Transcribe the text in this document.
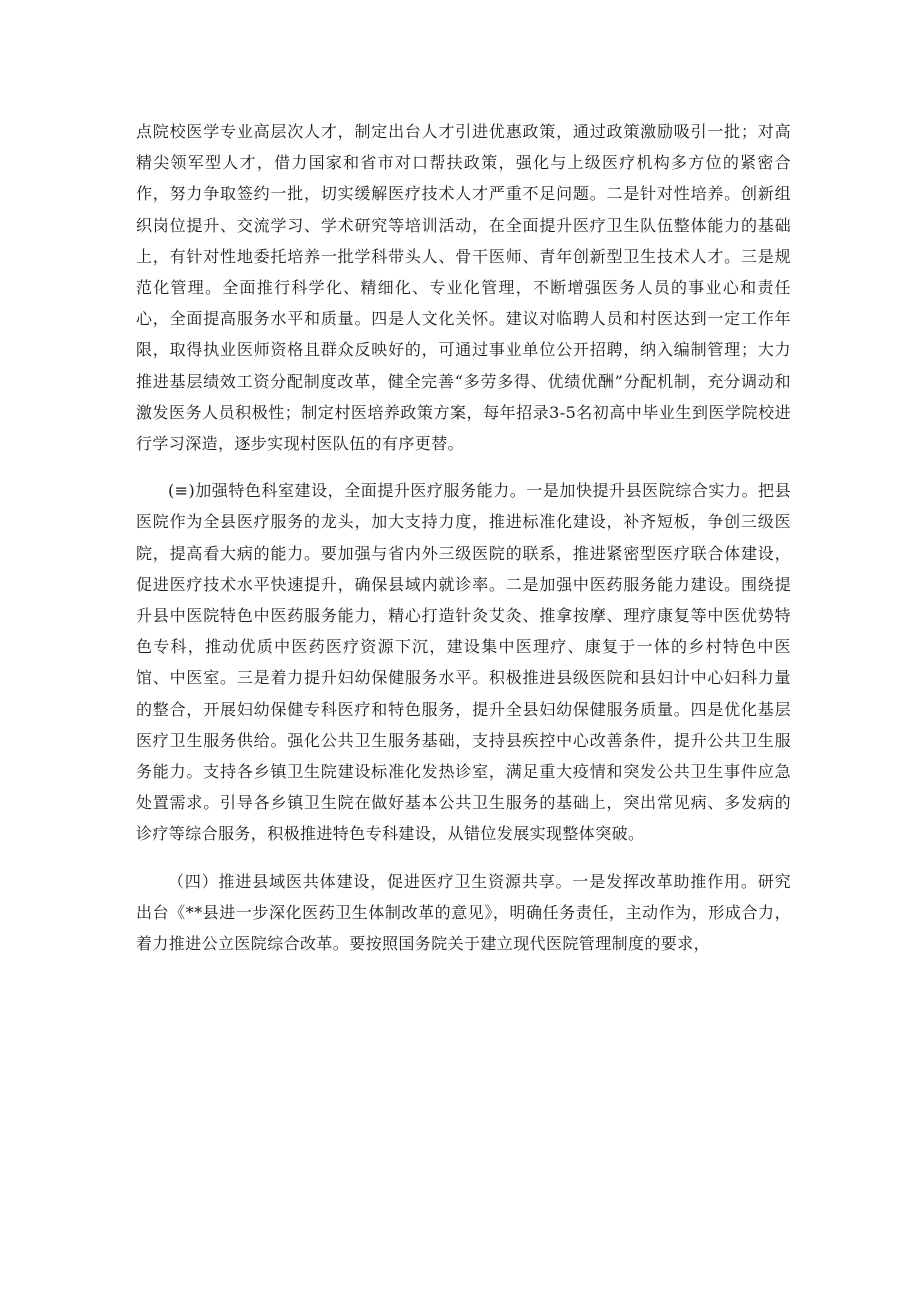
点院校医学专业高层次人才，制定出台人才引进优惠政策，通过政策激励吸引一批；对高精尖领军型人才，借力国家和省市对口帮扶政策，强化与上级医疗机构多方位的紧密合作，努力争取签约一批，切实缓解医疗技术人才严重不足问题。二是针对性培养。创新组织岗位提升、交流学习、学术研究等培训活动，在全面提升医疗卫生队伍整体能力的基础上，有针对性地委托培养一批学科带头人、骨干医师、青年创新型卫生技术人才。三是规范化管理。全面推行科学化、精细化、专业化管理，不断增强医务人员的事业心和责任心，全面提高服务水平和质量。四是人文化关怀。建议对临聘人员和村医达到一定工作年限，取得执业医师资格且群众反映好的，可通过事业单位公开招聘，纳入编制管理；大力推进基层绩效工资分配制度改革，健全完善“多劳多得、优绩优酬”分配机制，充分调动和激发医务人员积极性；制定村医培养政策方案，每年招录3-5名初高中毕业生到医学院校进行学习深造，逐步实现村医队伍的有序更替。

(≡)加强特色科室建设，全面提升医疗服务能力。一是加快提升县医院综合实力。把县医院作为全县医疗服务的龙头，加大支持力度，推进标准化建设，补齐短板，争创三级医院，提高看大病的能力。要加强与省内外三级医院的联系，推进紧密型医疗联合体建设，促进医疗技术水平快速提升，确保县域内就诊率。二是加强中医药服务能力建设。围绕提升县中医院特色中医药服务能力，精心打造针灸艾灸、推拿按摩、理疗康复等中医优势特色专科，推动优质中医药医疗资源下沉，建设集中医理疗、康复于一体的乡村特色中医馆、中医室。三是着力提升妇幼保健服务水平。积极推进县级医院和县妇计中心妇科力量的整合，开展妇幼保健专科医疗和特色服务，提升全县妇幼保健服务质量。四是优化基层医疗卫生服务供给。强化公共卫生服务基础，支持县疾控中心改善条件，提升公共卫生服务能力。支持各乡镇卫生院建设标准化发热诊室，满足重大疫情和突发公共卫生事件应急处置需求。引导各乡镇卫生院在做好基本公共卫生服务的基础上，突出常见病、多发病的诊疗等综合服务，积极推进特色专科建设，从错位发展实现整体突破。

（四）推进县域医共体建设，促进医疗卫生资源共享。一是发挥改革助推作用。研究出台《**县进一步深化医药卫生体制改革的意见》，明确任务责任，主动作为，形成合力，着力推进公立医院综合改革。要按照国务院关于建立现代医院管理制度的要求，
